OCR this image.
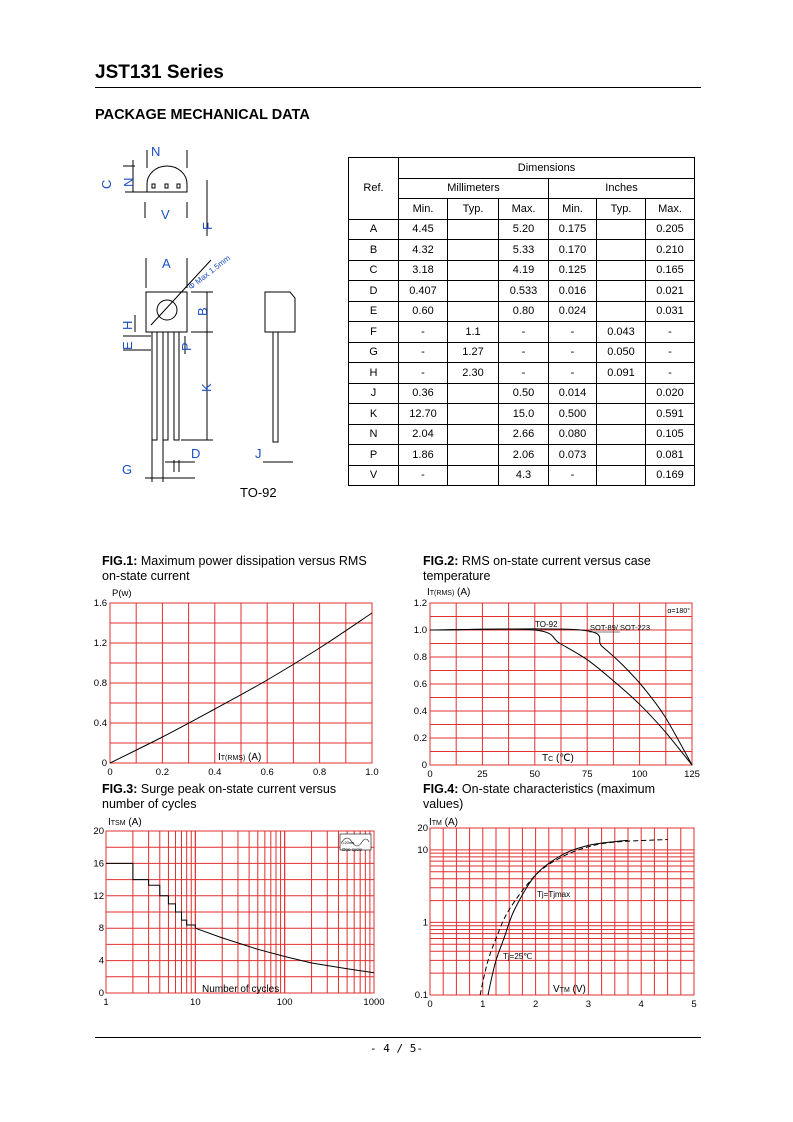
JST131 Series
PACKAGE MECHANICAL DATA
N
C N
V
F
A
B
H
E	P
K
G
D	J
Φ Max 1.5mm
TO-92
Ref.	Dimensions					
	Millimeters			Inches		
	Min.	Typ.	Max.	Min.	Typ.	Max.
A	4.45		5.20	0.175		0.205
B	4.32		5.33	0.170		0.210
C	3.18		4.19	0.125		0.165
D	0.407		0.533	0.016		0.021
E	0.60		0.80	0.024		0.031
F	-	1.1	-	-	0.043	-
G	-	1.27	-	-	0.050	-
H	-	2.30	-	-	0.091	-
J	0.36		0.50	0.014		0.020
K	12.70		15.0	0.500		0.591
N	2.04		2.66	0.080		0.105
P	1.86		2.06	0.073		0.081
V	-		4.3	-		0.169
FIG.1: Maximum power dissipation versus RMS
on-state current
FIG.2: RMS on-state current versus case
temperature
FIG.3: Surge peak on-state current versus
number of cycles
FIG.4: On-state characteristics (maximum
values)
0	0.2	0.4	0.6	0.8	1.0
0
0.4
0.8
1.2
1.6
P(w)
IT(RMS) (A)
TO-92	SOT-89/ SOT-223
α=180°
0	25	50	75	100	125
0
0.2
0.4
0.6
0.8
1.0
1.2
IT(RMS) (A)
TC (℃)
t=20ms
One cycle
1	10	100	1000
0
4
8
12
16
20
ITSM (A)
Number of cycles
Tj=Tjmax
Tj=25℃
0	1	2	3	4	5
0.1
1
10
20
ITM (A)
VTM (V)
- 4 / 5-
